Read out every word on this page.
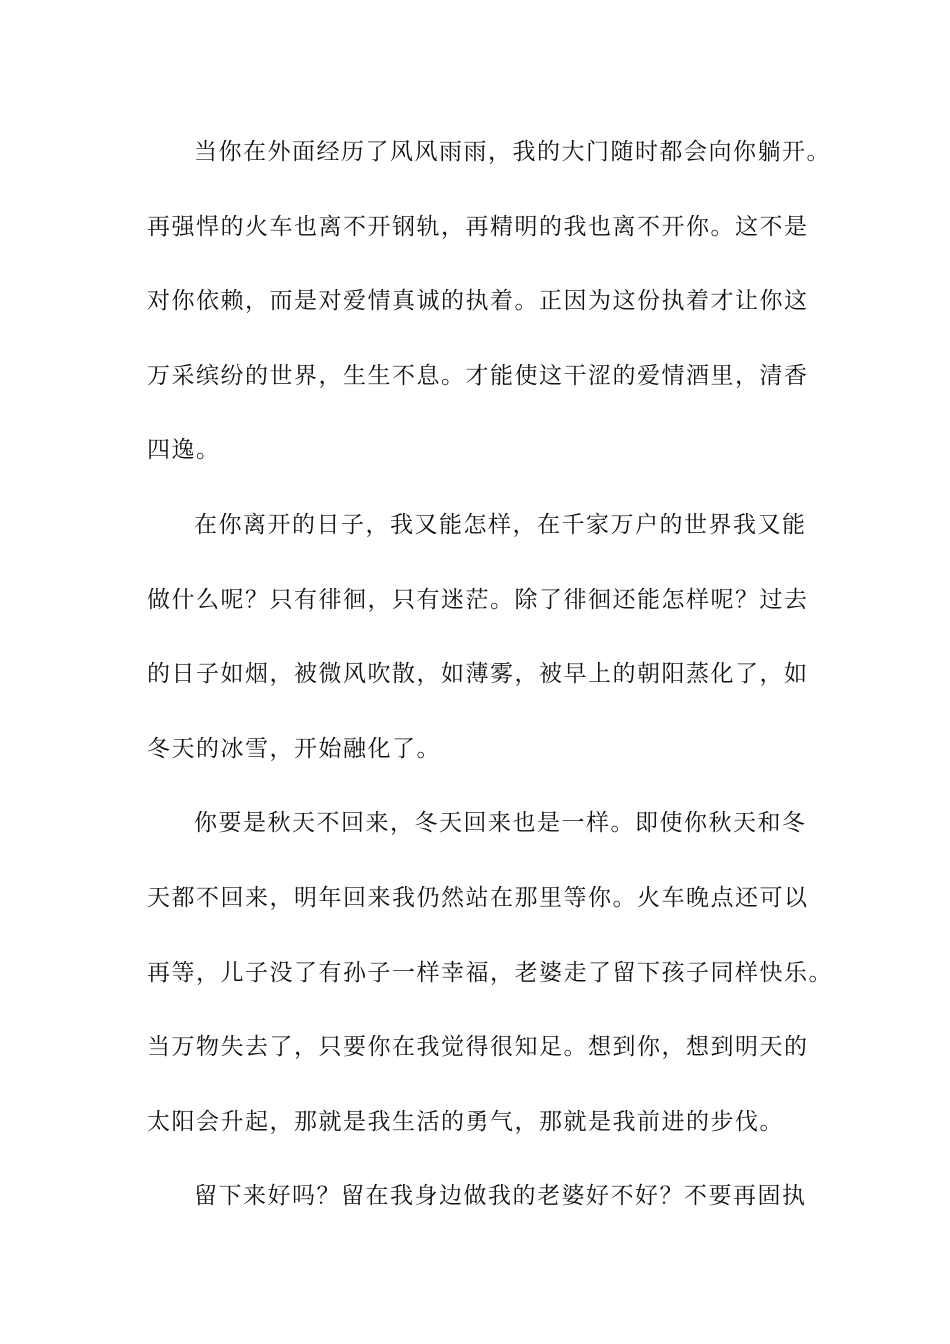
当你在外面经历了风风雨雨，我的大门随时都会向你躺开。
再强悍的火车也离不开钢轨，再精明的我也离不开你。这不是
对你依赖，而是对爱情真诚的执着。正因为这份执着才让你这
万采缤纷的世界，生生不息。才能使这干涩的爱情酒里，清香
四逸。
在你离开的日子，我又能怎样，在千家万户的世界我又能
做什么呢？只有徘徊，只有迷茫。除了徘徊还能怎样呢？过去
的日子如烟，被微风吹散，如薄雾，被早上的朝阳蒸化了，如
冬天的冰雪，开始融化了。
你要是秋天不回来，冬天回来也是一样。即使你秋天和冬
天都不回来，明年回来我仍然站在那里等你。火车晚点还可以
再等，儿子没了有孙子一样幸福，老婆走了留下孩子同样快乐。
当万物失去了，只要你在我觉得很知足。想到你，想到明天的
太阳会升起，那就是我生活的勇气，那就是我前进的步伐。
留下来好吗？留在我身边做我的老婆好不好？不要再固执
